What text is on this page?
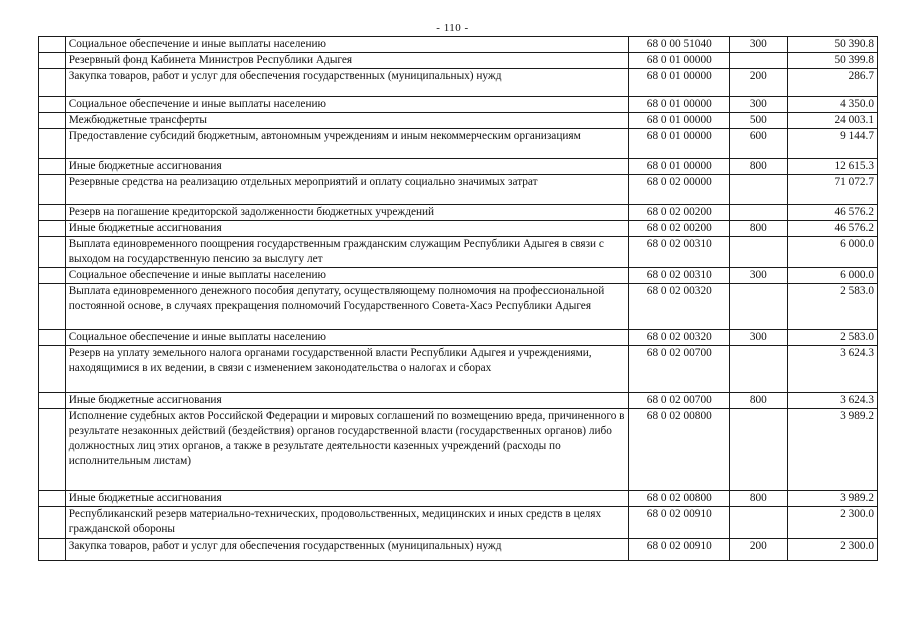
- 110 -
	Социальное обеспечение и иные выплаты населению	68 0 00 51040	300	50 390.8
	Резервный фонд Кабинета Министров Республики Адыгея	68 0 01 00000		50 399.8
	Закупка товаров, работ и услуг для обеспечения государственных (муниципальных) нужд	68 0 01 00000	200	286.7
	Социальное обеспечение и иные выплаты населению	68 0 01 00000	300	4 350.0
	Межбюджетные трансферты	68 0 01 00000	500	24 003.1
	Предоставление субсидий бюджетным, автономным учреждениям и иным некоммерческим организациям	68 0 01 00000	600	9 144.7
	Иные бюджетные ассигнования	68 0 01 00000	800	12 615.3
	Резервные средства на реализацию отдельных мероприятий и оплату социально значимых затрат	68 0 02 00000		71 072.7
	Резерв на погашение кредиторской задолженности бюджетных учреждений	68 0 02 00200		46 576.2
	Иные бюджетные ассигнования	68 0 02 00200	800	46 576.2
	Выплата единовременного поощрения государственным гражданским служащим Республики Адыгея в связи с выходом на государственную пенсию за выслугу лет	68 0 02 00310		6 000.0
	Социальное обеспечение и иные выплаты населению	68 0 02 00310	300	6 000.0
	Выплата единовременного денежного пособия депутату, осуществляющему полномочия на профессиональной постоянной основе, в случаях прекращения полномочий Государственного Совета-Хасэ Республики Адыгея	68 0 02 00320		2 583.0
	Социальное обеспечение и иные выплаты населению	68 0 02 00320	300	2 583.0
	Резерв на уплату земельного налога органами государственной власти Республики Адыгея и учреждениями, находящимися в их ведении, в связи с изменением законодательства о налогах и сборах	68 0 02 00700		3 624.3
	Иные бюджетные ассигнования	68 0 02 00700	800	3 624.3
	Исполнение судебных актов Российской Федерации и мировых соглашений по возмещению вреда, причиненного в результате незаконных действий (бездействия) органов государственной власти (государственных органов) либо должностных лиц этих органов, а также в результате деятельности казенных учреждений (расходы по исполнительным листам)	68 0 02 00800		3 989.2
	Иные бюджетные ассигнования	68 0 02 00800	800	3 989.2
	Республиканский резерв материально-технических, продовольственных, медицинских и иных средств в целях гражданской обороны	68 0 02 00910		2 300.0
	Закупка товаров, работ и услуг для обеспечения государственных (муниципальных) нужд	68 0 02 00910	200	2 300.0
